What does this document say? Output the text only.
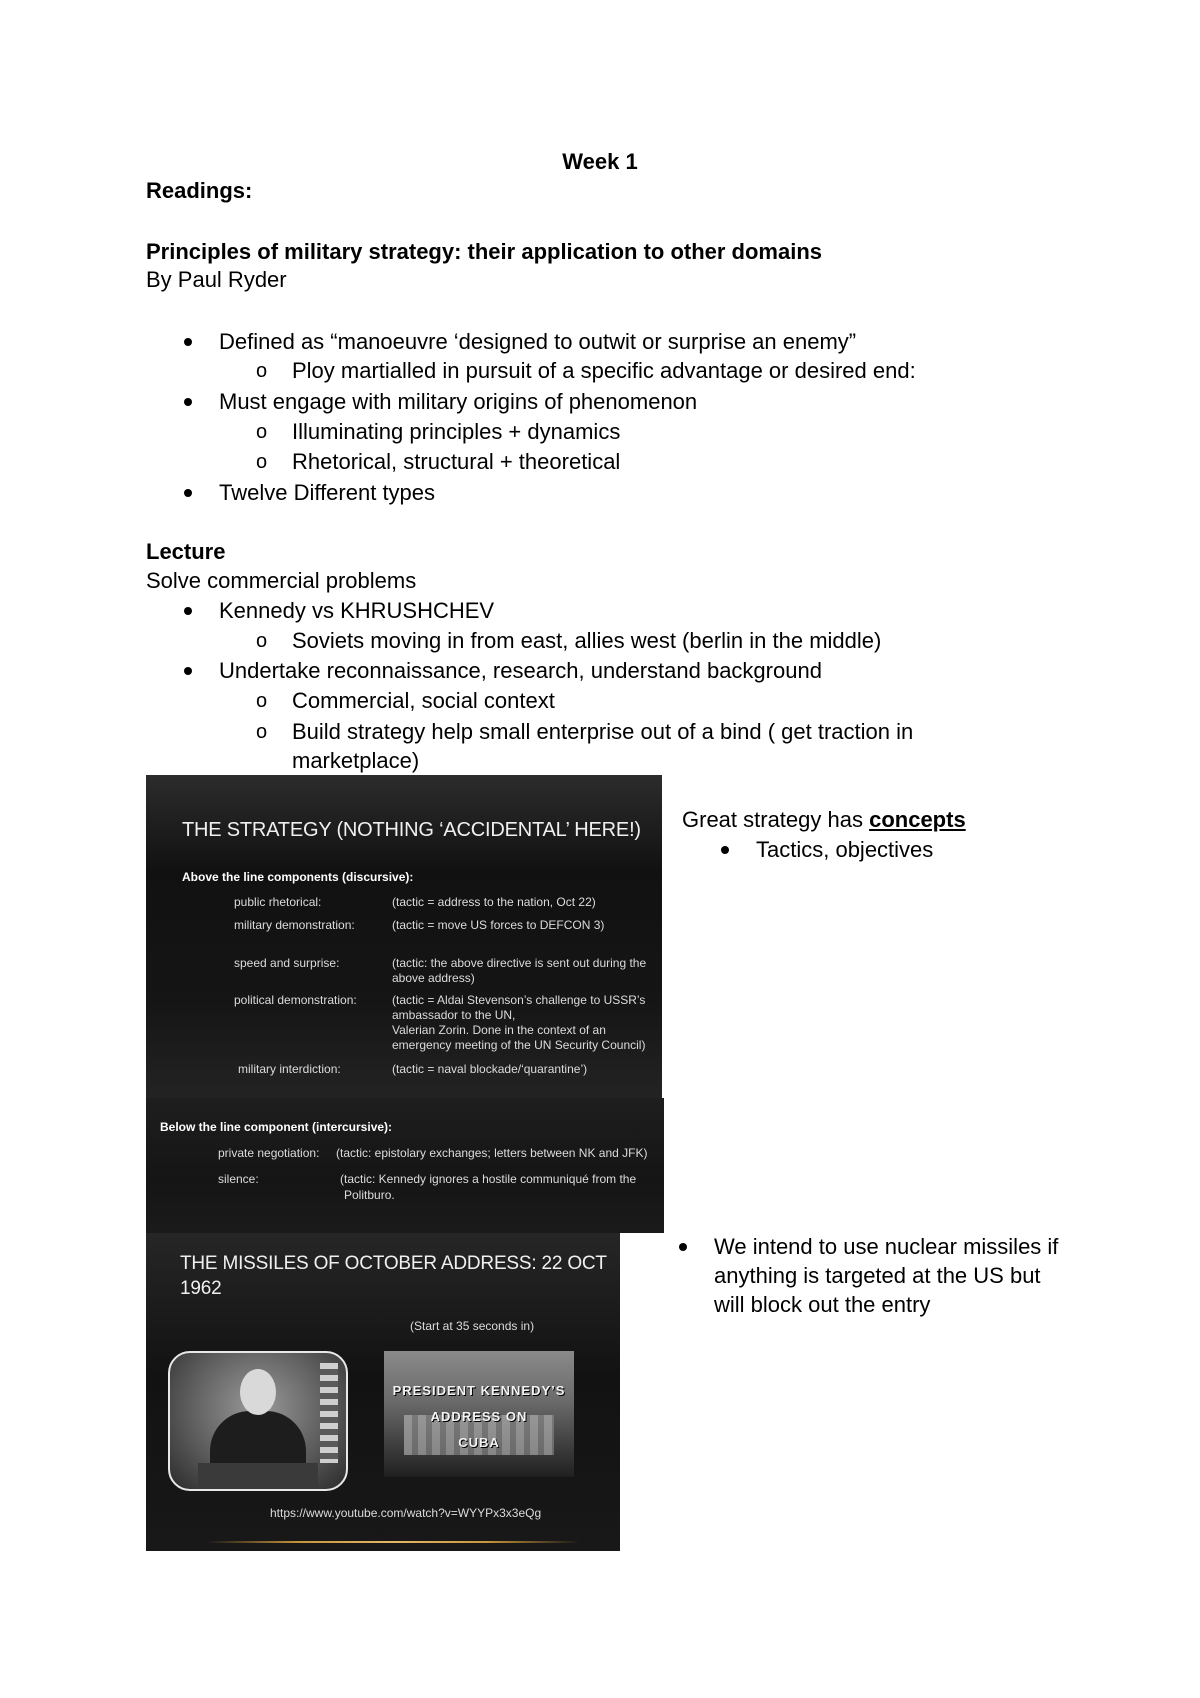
Week 1
Readings:
Principles of military strategy: their application to other domains
By Paul Ryder
Defined as “manoeuvre ‘designed to outwit or surprise an enemy”
o Ploy martialled in pursuit of a specific advantage or desired end:
Must engage with military origins of phenomenon
o Illuminating principles + dynamics
o Rhetorical, structural + theoretical
Twelve Different types
Lecture
Solve commercial problems
Kennedy vs KHRUSHCHEV
o Soviets moving in from east, allies west (berlin in the middle)
Undertake reconnaissance, research, understand background
o Commercial, social context
o Build strategy help small enterprise out of a bind ( get traction in
marketplace)
Great strategy has concepts
Tactics, objectives
We intend to use nuclear missiles if
anything is targeted at the US but
will block out the entry
THE STRATEGY (NOTHING ‘ACCIDENTAL’ HERE!)
Above the line components (discursive):
public rhetorical:	(tactic = address to the nation, Oct 22)
military demonstration:	(tactic = move US forces to DEFCON 3)
speed and surprise:	(tactic: the above directive is sent out during the
above address)
political demonstration:	(tactic = Aldai Stevenson’s challenge to USSR’s
ambassador to the UN,
Valerian Zorin. Done in the context of an
emergency meeting of the UN Security Council)
military interdiction:	(tactic = naval blockade/‘quarantine’)
Below the line component (intercursive):
private negotiation: (tactic: epistolary exchanges; letters between NK and JFK)
silence:	(tactic: Kennedy ignores a hostile communiqué from the
Politburo.
THE MISSILES OF OCTOBER ADDRESS: 22 OCT
1962
(Start at 35 seconds in)
PRESIDENT KENNEDY’S
ADDRESS ON
CUBA
https://www.youtube.com/watch?v=WYYPx3x3eQg
